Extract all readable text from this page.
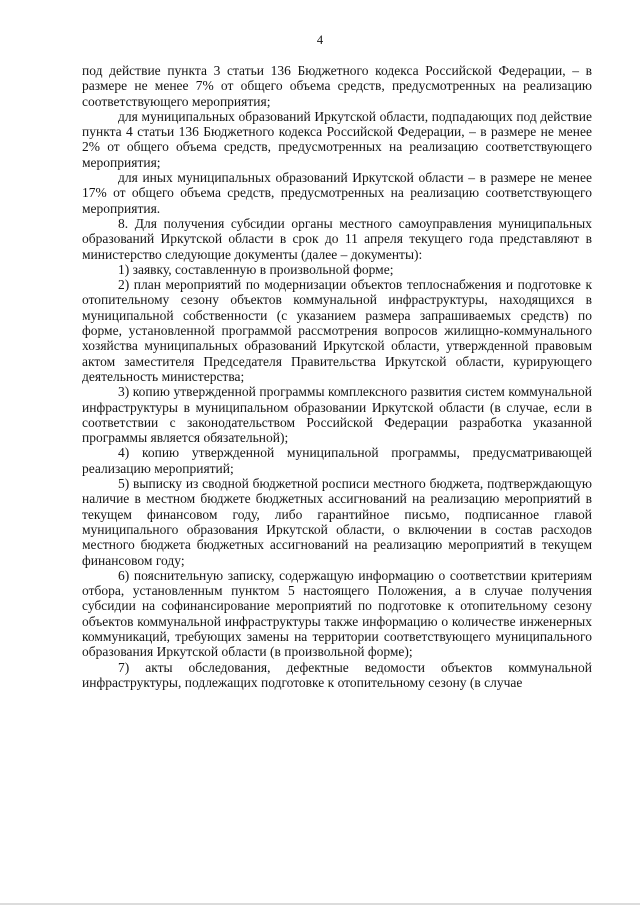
4

под действие пункта 3 статьи 136 Бюджетного кодекса Российской Федерации, – в размере не менее 7% от общего объема средств, предусмотренных на реализацию соответствующего мероприятия;

для муниципальных образований Иркутской области, подпадающих под действие пункта 4 статьи 136 Бюджетного кодекса Российской Федерации, – в размере не менее 2% от общего объема средств, предусмотренных на реализацию соответствующего мероприятия;

для иных муниципальных образований Иркутской области – в размере не менее 17% от общего объема средств, предусмотренных на реализацию соответствующего мероприятия.

8. Для получения субсидии органы местного самоуправления муниципальных образований Иркутской области в срок до 11 апреля текущего года представляют в министерство следующие документы (далее – документы):

1) заявку, составленную в произвольной форме;

2) план мероприятий по модернизации объектов теплоснабжения и подготовке к отопительному сезону объектов коммунальной инфраструктуры, находящихся в муниципальной собственности (с указанием размера запрашиваемых средств) по форме, установленной программой рассмотрения вопросов жилищно-коммунального хозяйства муниципальных образований Иркутской области, утвержденной правовым актом заместителя Председателя Правительства Иркутской области, курирующего деятельность министерства;

3) копию утвержденной программы комплексного развития систем коммунальной инфраструктуры в муниципальном образовании Иркутской области (в случае, если в соответствии с законодательством Российской Федерации разработка указанной программы является обязательной);

4) копию утвержденной муниципальной программы, предусматривающей реализацию мероприятий;

5) выписку из сводной бюджетной росписи местного бюджета, подтверждающую наличие в местном бюджете бюджетных ассигнований на реализацию мероприятий в текущем финансовом году, либо гарантийное письмо, подписанное главой муниципального образования Иркутской области, о включении в состав расходов местного бюджета бюджетных ассигнований на реализацию мероприятий в текущем финансовом году;

6) пояснительную записку, содержащую информацию о соответствии критериям отбора, установленным пунктом 5 настоящего Положения, а в случае получения субсидии на софинансирование мероприятий по подготовке к отопительному сезону объектов коммунальной инфраструктуры также информацию о количестве инженерных коммуникаций, требующих замены на территории соответствующего муниципального образования Иркутской области (в произвольной форме);

7) акты обследования, дефектные ведомости объектов коммунальной инфраструктуры, подлежащих подготовке к отопительному сезону (в случае
